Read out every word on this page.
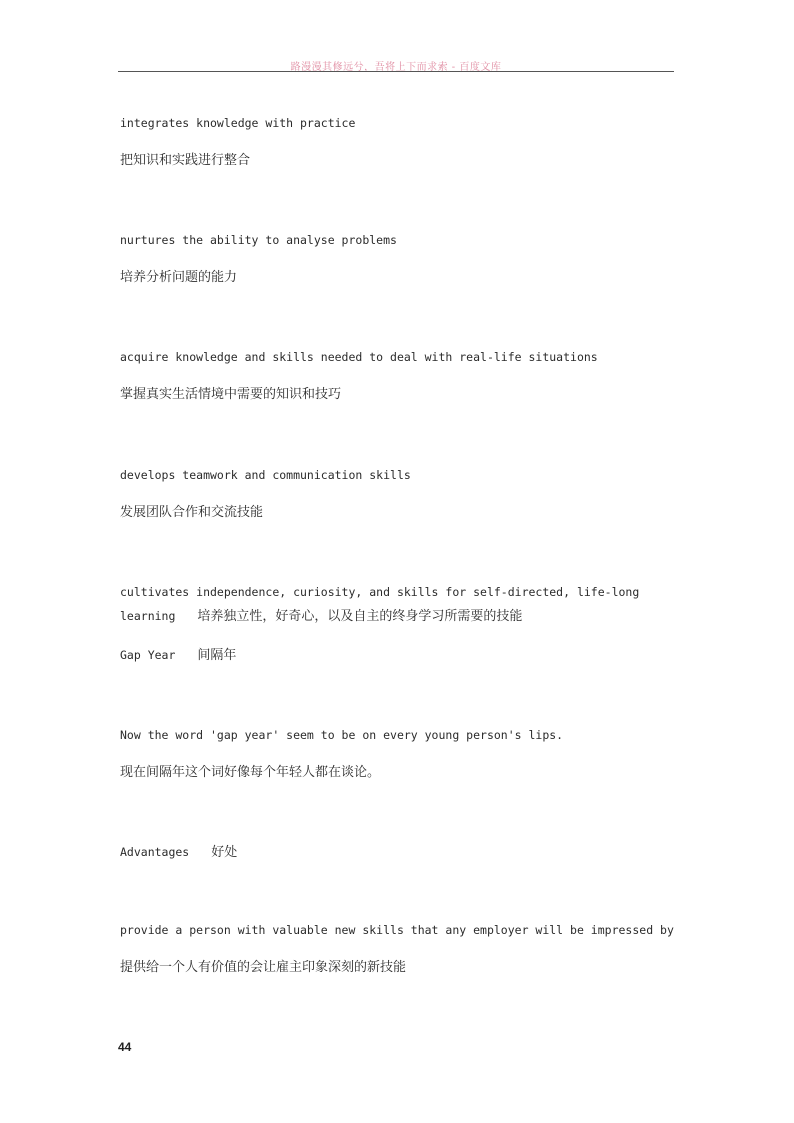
路漫漫其修远兮，吾将上下而求索 - 百度文库
integrates knowledge with practice
把知识和实践进行整合
nurtures the ability to analyse problems
培养分析问题的能力
acquire knowledge and skills needed to deal with real-life situations
掌握真实生活情境中需要的知识和技巧
develops teamwork and communication skills
发展团队合作和交流技能
cultivates independence, curiosity, and skills for self-directed, life-long
learning 培养独立性，好奇心，以及自主的终身学习所需要的技能
Gap Year 间隔年
Now the word 'gap year' seem to be on every young person's lips.
现在间隔年这个词好像每个年轻人都在谈论。
Advantages 好处
provide a person with valuable new skills that any employer will be impressed by
提供给一个人有价值的会让雇主印象深刻的新技能
44
